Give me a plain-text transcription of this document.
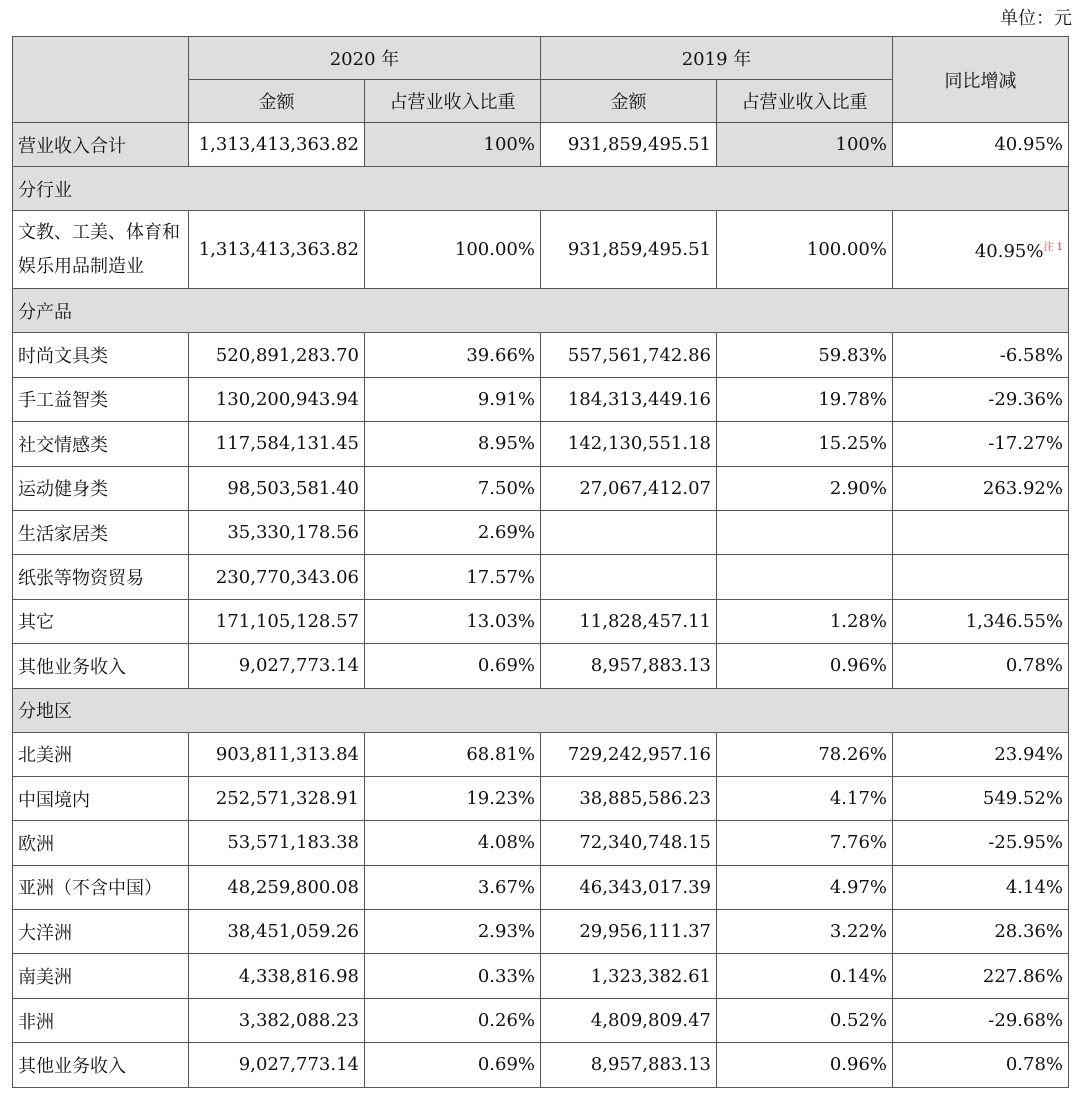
单位：元
	2020 年		2019 年		同比增减
	金额	占营业收入比重	金额	占营业收入比重	
营业收入合计	1,313,413,363.82	100%	931,859,495.51	100%	40.95%
分行业					
文教、工美、体育和娱乐用品制造业	1,313,413,363.82	100.00%	931,859,495.51	100.00%	40.95%$^{注 1}$
分产品					
时尚文具类	520,891,283.70	39.66%	557,561,742.86	59.83%	-6.58%
手工益智类	130,200,943.94	9.91%	184,313,449.16	19.78%	-29.36%
社交情感类	117,584,131.45	8.95%	142,130,551.18	15.25%	-17.27%
运动健身类	98,503,581.40	7.50%	27,067,412.07	2.90%	263.92%
生活家居类	35,330,178.56	2.69%			
纸张等物资贸易	230,770,343.06	17.57%			
其它	171,105,128.57	13.03%	11,828,457.11	1.28%	1,346.55%
其他业务收入	9,027,773.14	0.69%	8,957,883.13	0.96%	0.78%
分地区					
北美洲	903,811,313.84	68.81%	729,242,957.16	78.26%	23.94%
中国境内	252,571,328.91	19.23%	38,885,586.23	4.17%	549.52%
欧洲	53,571,183.38	4.08%	72,340,748.15	7.76%	-25.95%
亚洲（不含中国）	48,259,800.08	3.67%	46,343,017.39	4.97%	4.14%
大洋洲	38,451,059.26	2.93%	29,956,111.37	3.22%	28.36%
南美洲	4,338,816.98	0.33%	1,323,382.61	0.14%	227.86%
非洲	3,382,088.23	0.26%	4,809,809.47	0.52%	-29.68%
其他业务收入	9,027,773.14	0.69%	8,957,883.13	0.96%	0.78%
